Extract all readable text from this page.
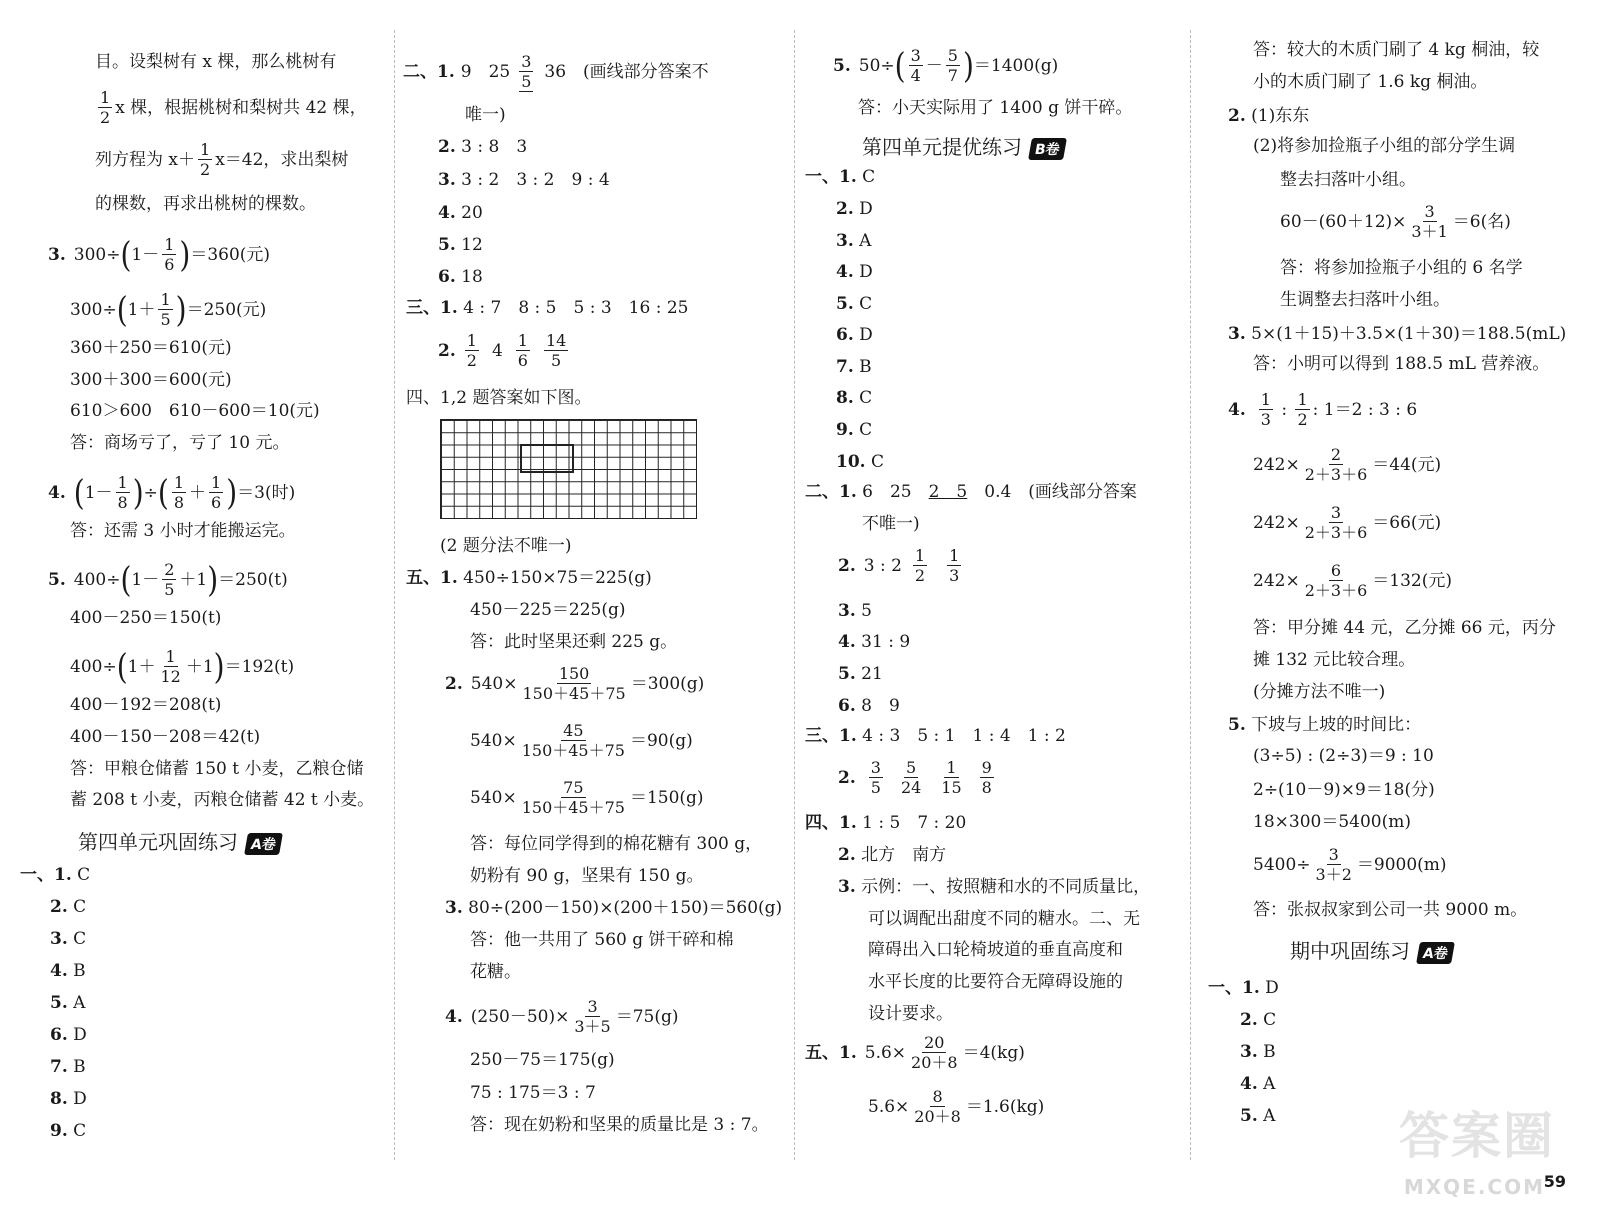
目。设梨树有 x 棵，那么桃树有
$\frac{1}{2}$ x 棵，根据桃树和梨树共 42 棵，
列方程为 $x+ \frac{1}{2} x=42$，求出梨树
的棵数，再求出桃树的棵数。
3. 300÷ ( $1- \frac{1}{6}$ ) ＝360(元)
300÷ ( $1+ \frac{1}{5}$ ) ＝250(元)
360＋250＝610(元)
300＋300＝600(元)
610＞600　610－600＝10(元)
答：商场亏了，亏了 10 元。
4. ( $1- \frac{1}{8}$ ) ÷ ( $\frac{1}{8} + \frac{1}{6}$ ) ＝3(时)
答：还需 3 小时才能搬运完。
5. 400÷ ( $1- \frac{2}{5} +1$ ) ＝250(t)
400－250＝150(t)
400÷ ( $1+ \frac{1}{12} +1$ ) ＝192(t)
400－192＝208(t)
400－150－208＝42(t)
答：甲粮仓储蓄 150 t 小麦，乙粮仓储
蓄 208 t 小麦，丙粮仓储蓄 42 t 小麦。
第四单元巩固练习 A卷
一、1. C
2. C
3. C
4. B
5. A
6. D
7. B
8. D
9. C
二、1. 9　$25 \frac{3}{5} 36$　(画线部分答案不
唯一)
2. 3 : 8　3
3. 3 : 2　3 : 2　9 : 4
4. 20
5. 12
6. 18
三、1. 4 : 7　8 : 5　5 : 3　16 : 25
2. $\frac{1}{2} 4 \frac{1}{6} \frac{14}{5}$
四、1,2 题答案如下图。
(2 题分法不唯一)
五、1. 450÷150×75＝225(g)
450－225＝225(g)
答：此时坚果还剩 225 g。
2. $540\times \frac{150}{150+45+75} =300(g)$
$540\times \frac{45}{150+45+75} =90(g)$
$540\times \frac{75}{150+45+75} =150(g)$
答：每位同学得到的棉花糖有 300 g，
奶粉有 90 g，坚果有 150 g。
3. 80÷(200－150)×(200＋150)＝560(g)
答：他一共用了 560 g 饼干碎和棉
花糖。
4. $(250-50)\times \frac{3}{3+5} =75(g)$
250－75＝175(g)
75 : 175＝3 : 7
答：现在奶粉和坚果的质量比是 3 : 7。
5. 50÷ ( $\frac{3}{4} - \frac{5}{7}$ ) ＝1400(g)
答：小天实际用了 1400 g 饼干碎。
第四单元提优练习 B卷
一、1. C
2. D
3. A
4. D
5. C
6. D
7. B
8. C
9. C
10. C
二、1. 6　25　2　5　0.4　(画线部分答案
不唯一)
2. 3 : $2 \frac{1}{2} \frac{1}{3}$
3. 5
4. 31 : 9
5. 21
6. 8　9
三、1. 4 : 3　5 : 1　1 : 4　1 : 2
2. $\frac{3}{5} \frac{5}{24} \frac{1}{15} \frac{9}{8}$
四、1. 1 : 5　7 : 20
2. 北方　南方
3. 示例：一、按照糖和水的不同质量比，
可以调配出甜度不同的糖水。二、无
障碍出入口轮椅坡道的垂直高度和
水平长度的比要符合无障碍设施的
设计要求。
五、1. $5.6\times \frac{20}{20+8} =4(kg)$
$5.6\times \frac{8}{20+8} =1.6(kg)$
答：较大的木质门刷了 4 kg 桐油，较
小的木质门刷了 1.6 kg 桐油。
2. (1)东东
(2)将参加捡瓶子小组的部分学生调
整去扫落叶小组。
$60-(60+12)\times \frac{3}{3+1} =6$(名)
答：将参加捡瓶子小组的 6 名学
生调整去扫落叶小组。
3. 5×(1＋15)＋3.5×(1＋30)＝188.5(mL)
答：小明可以得到 188.5 mL 营养液。
4. $\frac{1}{3}$ : $\frac{1}{2}$ : 1＝2 : 3 : 6
$242\times \frac{2}{2+3+6} =44$(元)
$242\times \frac{3}{2+3+6} =66$(元)
$242\times \frac{6}{2+3+6} =132$(元)
答：甲分摊 44 元，乙分摊 66 元，丙分
摊 132 元比较合理。
(分摊方法不唯一)
5. 下坡与上坡的时间比：
(3÷5) : (2÷3)＝9 : 10
2÷(10－9)×9＝18(分)
18×300＝5400(m)
$5400\div \frac{3}{3+2} =9000(m)$
答：张叔叔家到公司一共 9000 m。
期中巩固练习 A卷
一、1. D
2. C
3. B
4. A
5. A 答案圈
MXQE.COM
59
